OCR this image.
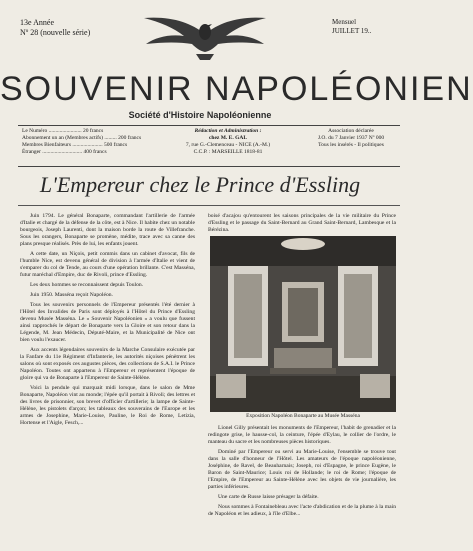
13e Année
Nº 28 (nouvelle série)
Mensuel
JUILLET 19..
SOUVENIR NAPOLÉONIEN
Société d'Histoire Napoléonienne
Le Numéro ........................ 20 francs
Abonnement un an (Membres actifs) ......... 200 francs
Membres Bienfaiteurs ...................... 500 francs
Étranger ............................. 400 francs
Rédaction et Administration :
chez M. E. GAL
7, rue G.-Clemenceau - NICE (A.-M.)
C.C.P. : MARSEILLE 1818-81
Association déclarée
J.O. du 7 Janvier 1937 Nº 000
Tous les insérés - Il politiques
L'Empereur chez le Prince d'Essling

Juin 1794. Le général Bonaparte, commandant l'artillerie de l'armée d'Italie et chargé de la défense de la côte, est à Nice. Il habite chez un notable bourgeois, Joseph Laurenti, dont la maison borde la route de Villefranche. Sous les orangers, Bonaparte se promène, médite, trace avec sa canne des plans presque réalisés. Près de lui, les enfants jouent.

A cette date, un Niçois, petit commis dans un cabinet d'avocat, fils de l'humble Nice, est devenu général de division à l'armée d'Italie et vient de s'emparer du col de Tende, au cours d'une opération brillante. C'est Masséna, futur maréchal d'Empire, duc de Rivoli, prince d'Essling.

Les deux hommes se reconnaissent depuis Toulon.

Juin 1950. Masséna reçoit Napoléon.

Tous les souvenirs personnels de l'Empereur présentés l'été dernier à l'Hôtel des Invalides de Paris sont déployés à l'Hôtel du Prince d'Essling devenu Musée Masséna. Le « Souvenir Napoléonien » a voulu que fussent ainsi rapprochés le départ de Bonaparte vers la Gloire et son retour dans la Légende, M. Jean Médecin, Député-Maire, et la Municipalité de Nice ont bien voulu l'exaucer.

Aux accents légendaires souvenirs de la Marche Consulaire exécutée par la Fanfare du 11e Régiment d'Infanterie, les autorités niçoises pénètrent les salons où sont exposés ces augustes pièces, des collections de S.A.I. le Prince Napoléon. Toutes ont appartenu à l'Empereur et représentent l'époque de gloire qui va de Bonaparte à l'Empereur de Sainte-Hélène.

Voici la pendule qui marquait midi lorsque, dans le salon de Mme Bonaparte, Napoléon vint au monde; l'épée qu'il portait à Rivoli; des lettres et des livres de prisonnier, son brevet d'officier d'artillerie; la lampe de Sainte-Hélène, les pistolets d'arçon; les tableaux des souverains de l'Europe et les armes de Josephine, Marie-Louise, Pauline, le Roi de Rome, Letizia, Hortense et l'Aigle, Fesch,...

boisé d'acajou qu'entourent les saisons principales de la vie militaire du Prince d'Essling et le passage du Saint-Bernard au Grand Saint-Bernard, Lambesque et la Bérézina.

Exposition Napoléon Bonaparte au Musée Masséna

Lionel Gilly présentait les monuments de l'Empereur, l'habit de grenadier et la redingote grise, le hausse-col, la ceinture, l'épée d'Eylau, le collier de l'ordre, le manteau du sacre et les nombreuses pièces historiques.

Dominé par l'Empereur ou servi au Marie-Louise, l'ensemble se trouve tout dans la salle d'honneur de l'Hôtel. Les amateurs de l'époque napoléonienne, Joséphine, de Ravel, de Beauharnais; Joseph, roi d'Espagne, le prince Eugène, le Baron de Saint-Maurice; Louis roi de Hollande; le roi de Rome; l'époque de l'Empire, de l'Empereur au Sainte-Hélène avec les objets de vie journalière, les parties inférieures.

Une carte de Russe laisse présager la défaite.

Nous sommes à Fontainebleau avec l'acte d'abdication et de la plume à la main de Napoléon et les adieux, à l'île d'Elbe...
